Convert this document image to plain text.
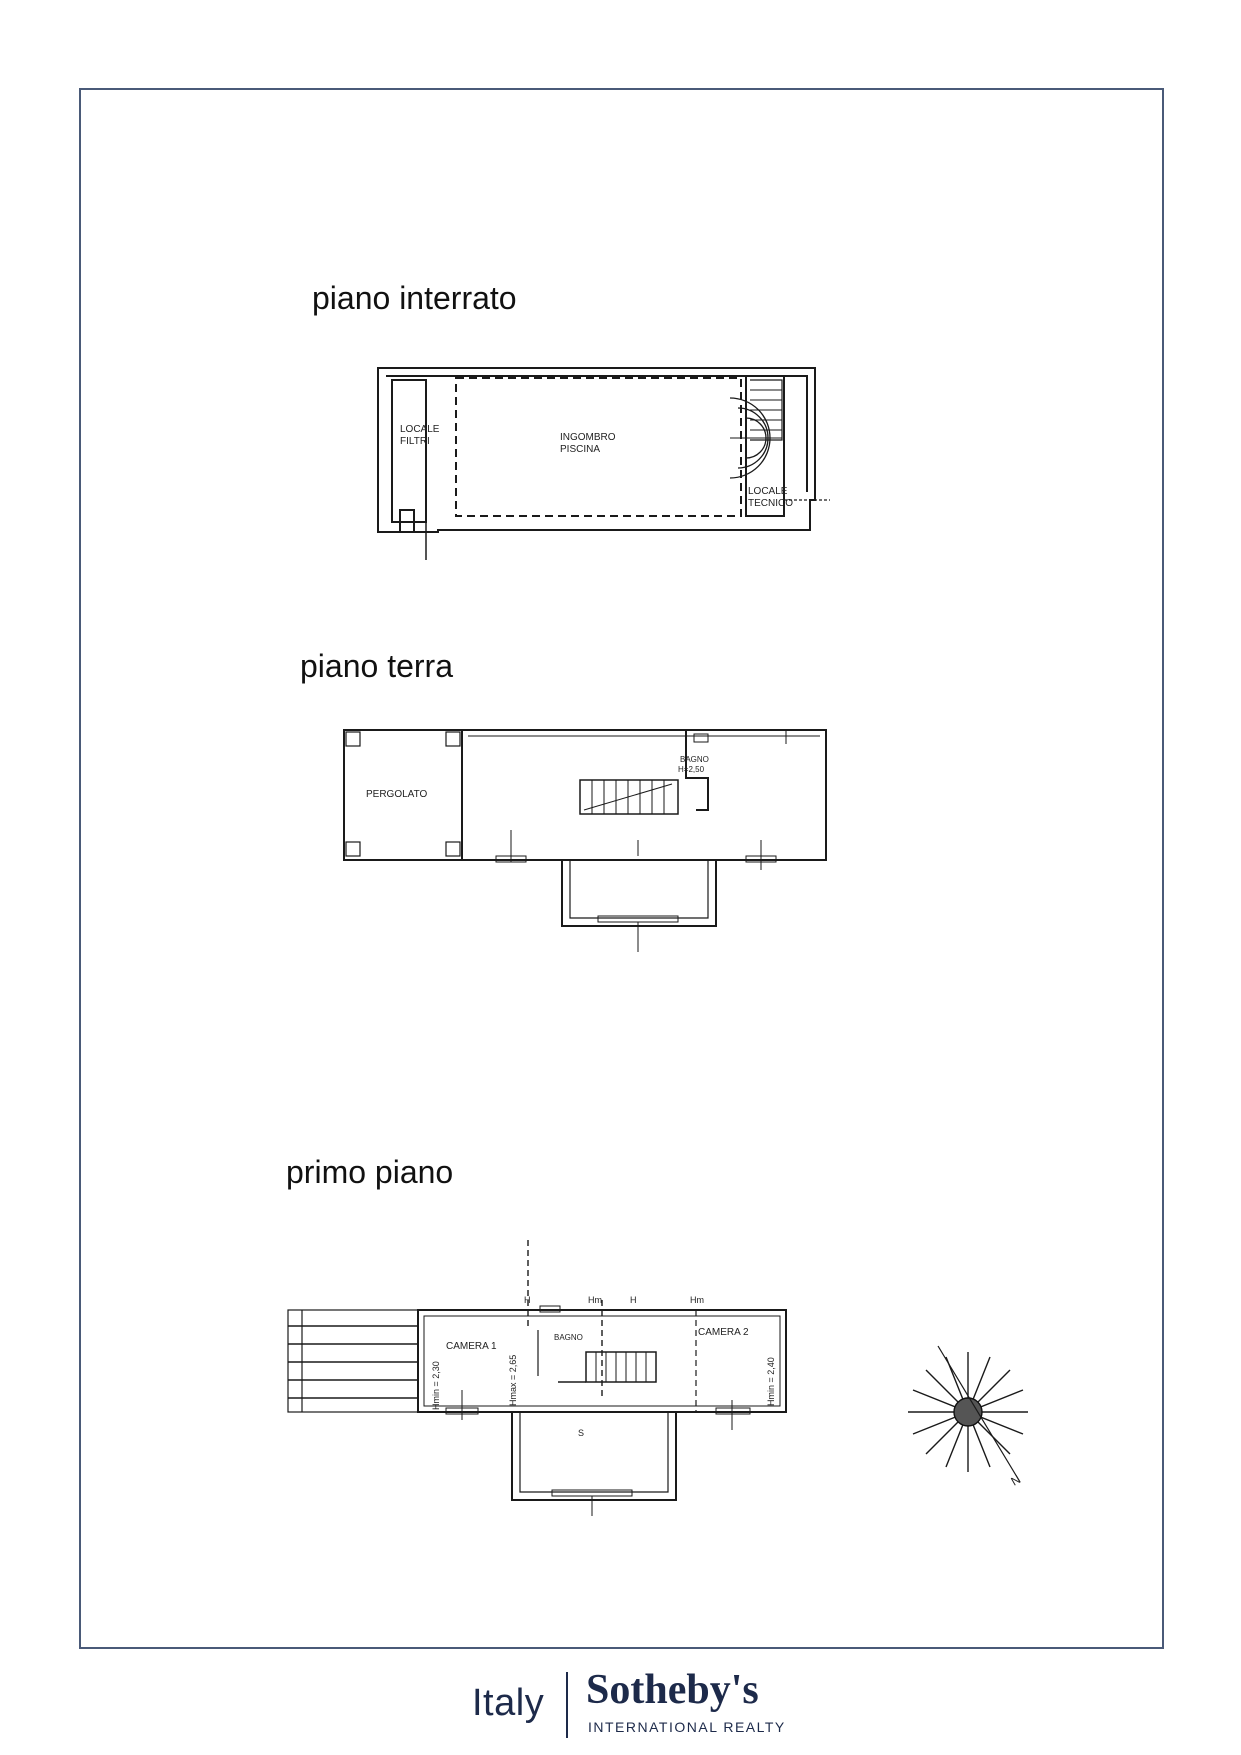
piano interrato
LOCALE
FILTRI	INGOMBRO
PISCINA
LOCALE
TECNICO
piano terra
PERGOLATO
BAGNO
H=2,50
primo piano
H	Hm	H	Hm
S
CAMERA 1
BAGNO	CAMERA 2
Hmin = 2,30	Hmax = 2,65	Hmin = 2,40
N
Italy Sotheby's
INTERNATIONAL REALTY
